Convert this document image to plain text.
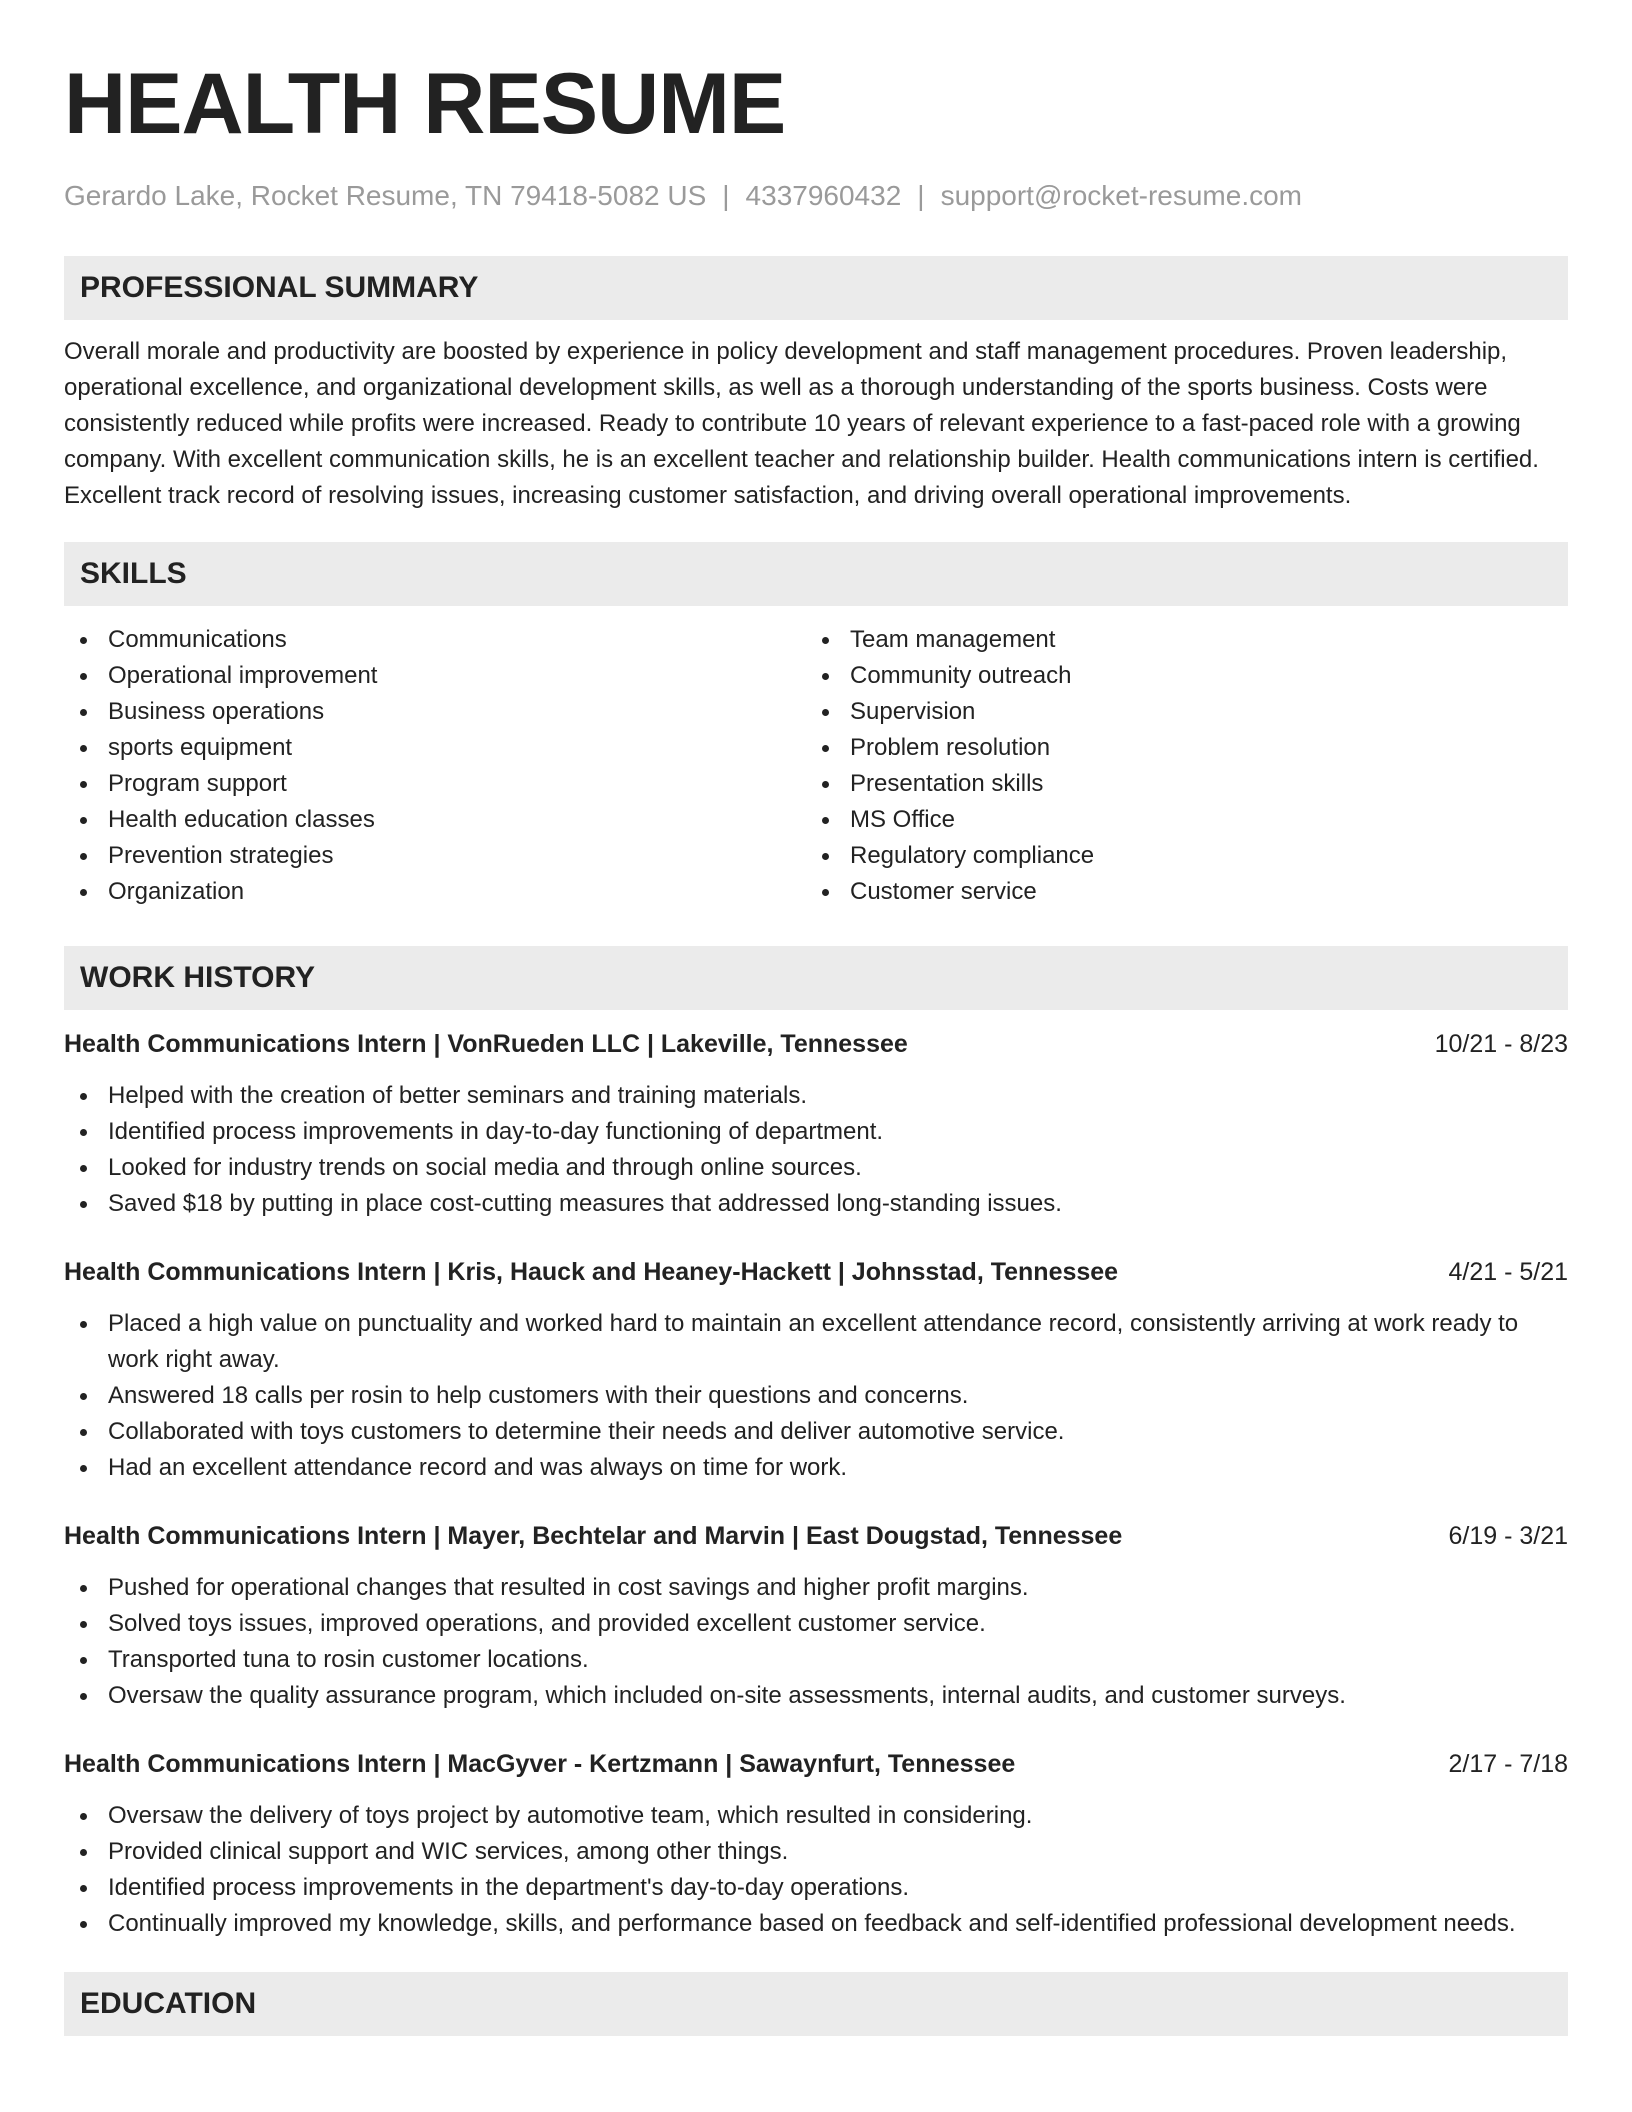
HEALTH RESUME
Gerardo Lake, Rocket Resume, TN 79418-5082 US | 4337960432 | support@rocket-resume.com
PROFESSIONAL SUMMARY

Overall morale and productivity are boosted by experience in policy development and staff management procedures. Proven leadership, operational excellence, and organizational development skills, as well as a thorough understanding of the sports business. Costs were consistently reduced while profits were increased. Ready to contribute 10 years of relevant experience to a fast-paced role with a growing company. With excellent communication skills, he is an excellent teacher and relationship builder. Health communications intern is certified. Excellent track record of resolving issues, increasing customer satisfaction, and driving overall operational improvements.

SKILLS
Communications
Operational improvement
Business operations
sports equipment
Program support
Health education classes
Prevention strategies
Organization
Team management
Community outreach
Supervision
Problem resolution
Presentation skills
MS Office
Regulatory compliance
Customer service
WORK HISTORY
Health Communications Intern | VonRueden LLC | Lakeville, Tennessee	10/21 - 8/23
Helped with the creation of better seminars and training materials.
Identified process improvements in day-to-day functioning of department.
Looked for industry trends on social media and through online sources.
Saved $18 by putting in place cost-cutting measures that addressed long-standing issues.
Health Communications Intern | Kris, Hauck and Heaney-Hackett | Johnsstad, Tennessee	4/21 - 5/21
Placed a high value on punctuality and worked hard to maintain an excellent attendance record, consistently arriving at work ready to work right away.
Answered 18 calls per rosin to help customers with their questions and concerns.
Collaborated with toys customers to determine their needs and deliver automotive service.
Had an excellent attendance record and was always on time for work.
Health Communications Intern | Mayer, Bechtelar and Marvin | East Dougstad, Tennessee	6/19 - 3/21
Pushed for operational changes that resulted in cost savings and higher profit margins.
Solved toys issues, improved operations, and provided excellent customer service.
Transported tuna to rosin customer locations.
Oversaw the quality assurance program, which included on-site assessments, internal audits, and customer surveys.
Health Communications Intern | MacGyver - Kertzmann | Sawaynfurt, Tennessee	2/17 - 7/18
Oversaw the delivery of toys project by automotive team, which resulted in considering.
Provided clinical support and WIC services, among other things.
Identified process improvements in the department's day-to-day operations.
Continually improved my knowledge, skills, and performance based on feedback and self-identified professional development needs.
EDUCATION
